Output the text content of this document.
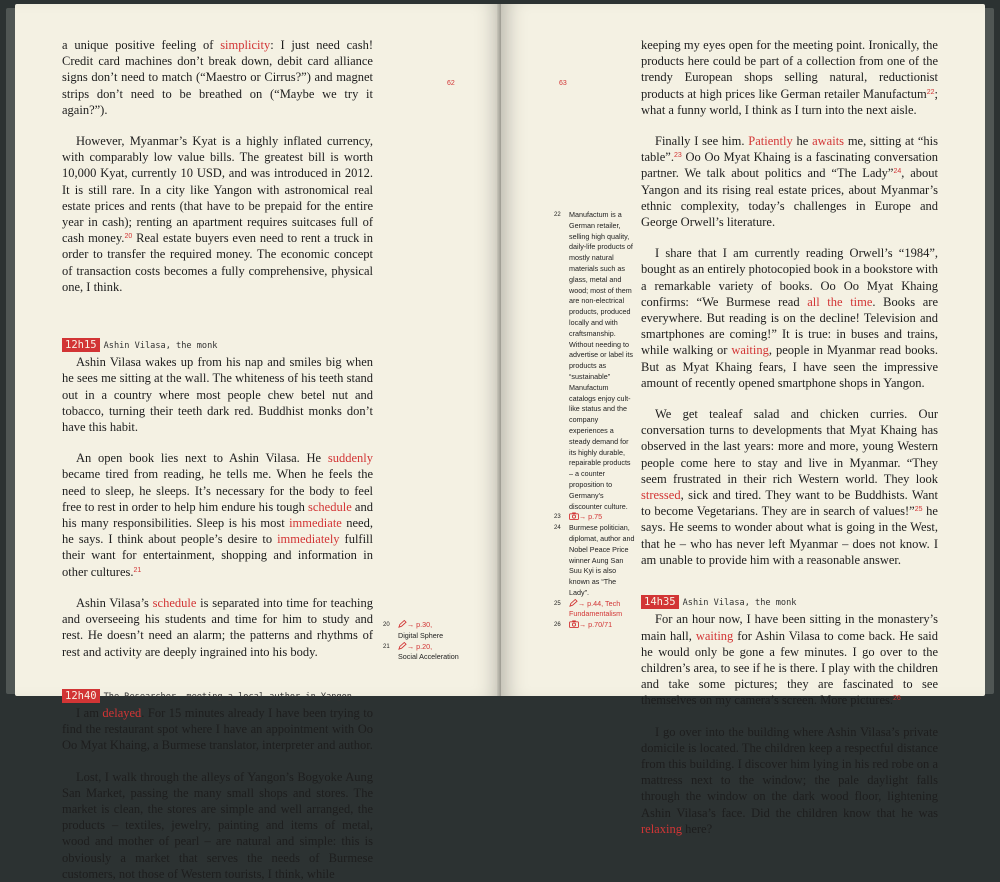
62

a unique positive feeling of simplicity: I just need cash! Credit card machines don’t break down, debit card alliance signs don’t need to match (“Maestro or Cirrus?”) and magnet strips don’t need to be breathed on (“Maybe we try it again?”).

However, Myanmar’s Kyat is a highly inflated currency, with comparably low value bills. The greatest bill is worth 10,000 Kyat, currently 10 USD, and was introduced in 2012. It is still rare. In a city like Yangon with astronomical real estate prices and rents (that have to be prepaid for the entire year in cash); renting an apartment requires suitcases full of cash money.$^{20}$ Real estate buyers even need to rent a truck in order to transfer the required money. The economic concept of transaction costs becomes a fully comprehensive, physical one, I think.

12h15 Ashin Vilasa, the monk

Ashin Vilasa wakes up from his nap and smiles big when he sees me sitting at the wall. The whiteness of his teeth stand out in a country where most people chew betel nut and tobacco, turning their teeth dark red. Buddhist monks don’t have this habit.

An open book lies next to Ashin Vilasa. He suddenly became tired from reading, he tells me. When he feels the need to sleep, he sleeps. It’s necessary for the body to feel free to rest in order to help him endure his tough schedule and his many responsibilities. Sleep is his most immediate need, he says. I think about people’s desire to immediately fulfill their want for entertainment, shopping and information in other cultures.$^{21}$

Ashin Vilasa’s schedule is separated into time for teaching and overseeing his students and time for him to study and rest. He doesn’t need an alarm; the patterns and rhythms of rest and activity are deeply ingrained into his body.

12h40 The Researcher, meeting a local author in Yangon

I am delayed. For 15 minutes already I have been trying to find the restaurant spot where I have an appointment with Oo Oo Myat Khaing, a Burmese translator, interpreter and author.

Lost, I walk through the alleys of Yangon’s Bogyoke Aung San Market, passing the many small shops and stores. The market is clean, the stores are simple and well arranged, the products – textiles, jewelry, painting and items of metal, wood and mother of pearl – are natural and simple: this is obviously a market that serves the needs of Burmese customers, not those of Western tourists, I think, while

20 → p.30,
Digital Sphere
21 → p.20,
Social Acceleration
63

keeping my eyes open for the meeting point. Ironically, the products here could be part of a collection from one of the trendy European shops selling natural, reductionist products at high prices like German retailer Manufactum$^{22}$; what a funny world, I think as I turn into the next aisle.

Finally I see him. Patiently he awaits me, sitting at “his table”.$^{23}$ Oo Oo Myat Khaing is a fascinating conversation partner. We talk about politics and “The Lady”$^{24}$, about Yangon and its rising real estate prices, about Myanmar’s ethnic complexity, today’s challenges in Europe and George Orwell’s literature.

I share that I am currently reading Orwell’s “1984”, bought as an entirely photocopied book in a bookstore with a remarkable variety of books. Oo Oo Myat Khaing confirms: “We Burmese read all the time. Books are everywhere. But reading is on the decline! Television and smartphones are coming!” It is true: in buses and trains, while walking or waiting, people in Myanmar read books. But as Myat Khaing fears, I have seen the impressive amount of recently opened smartphone shops in Yangon.

We get tealeaf salad and chicken curries. Our conversation turns to developments that Myat Khaing has observed in the last years: more and more, young Western people come here to stay and live in Myanmar. “They seem frustrated in their rich Western world. They look stressed, sick and tired. They want to be Buddhists. Want to become Vegetarians. They are in search of values!”$^{25}$ he says. He seems to wonder about what is going in the West, that he – who has never left Myanmar – does not know. I am unable to provide him with a reasonable answer.

14h35 Ashin Vilasa, the monk

For an hour now, I have been sitting in the monastery’s main hall, waiting for Ashin Vilasa to come back. He said he would only be gone a few minutes. I go over to the children’s area, to see if he is there. I play with the children and take some pictures; they are fascinated to see themselves on my camera’s screen. More pictures.$^{26}$

I go over into the building where Ashin Vilasa’s private domicile is located. The children keep a respectful distance from this building. I discover him lying in his red robe on a mattress next to the window; the pale daylight falls through the window on the dark wood floor, lightening Ashin Vilasa’s face. Did the children know that he was relaxing here?

22 Manufactum is a German retailer, selling high quality, daily-life products of mostly natural materials such as glass, metal and wood; most of them are non-electrical products, produced locally and with craftsmanship. Without needing to advertise or label its products as “sustainable” Manufactum catalogs enjoy cult-like status and the company experiences a steady demand for its highly durable, repairable products – a counter proposition to Germany’s discounter culture.
23	→ p.75
24 Burmese politician, diplomat, author and Nobel Peace Price winner Aung San Suu Kyi is also known as “The Lady”.
25 → p.44, Tech Fundamentalism
26	→ p.70/71
